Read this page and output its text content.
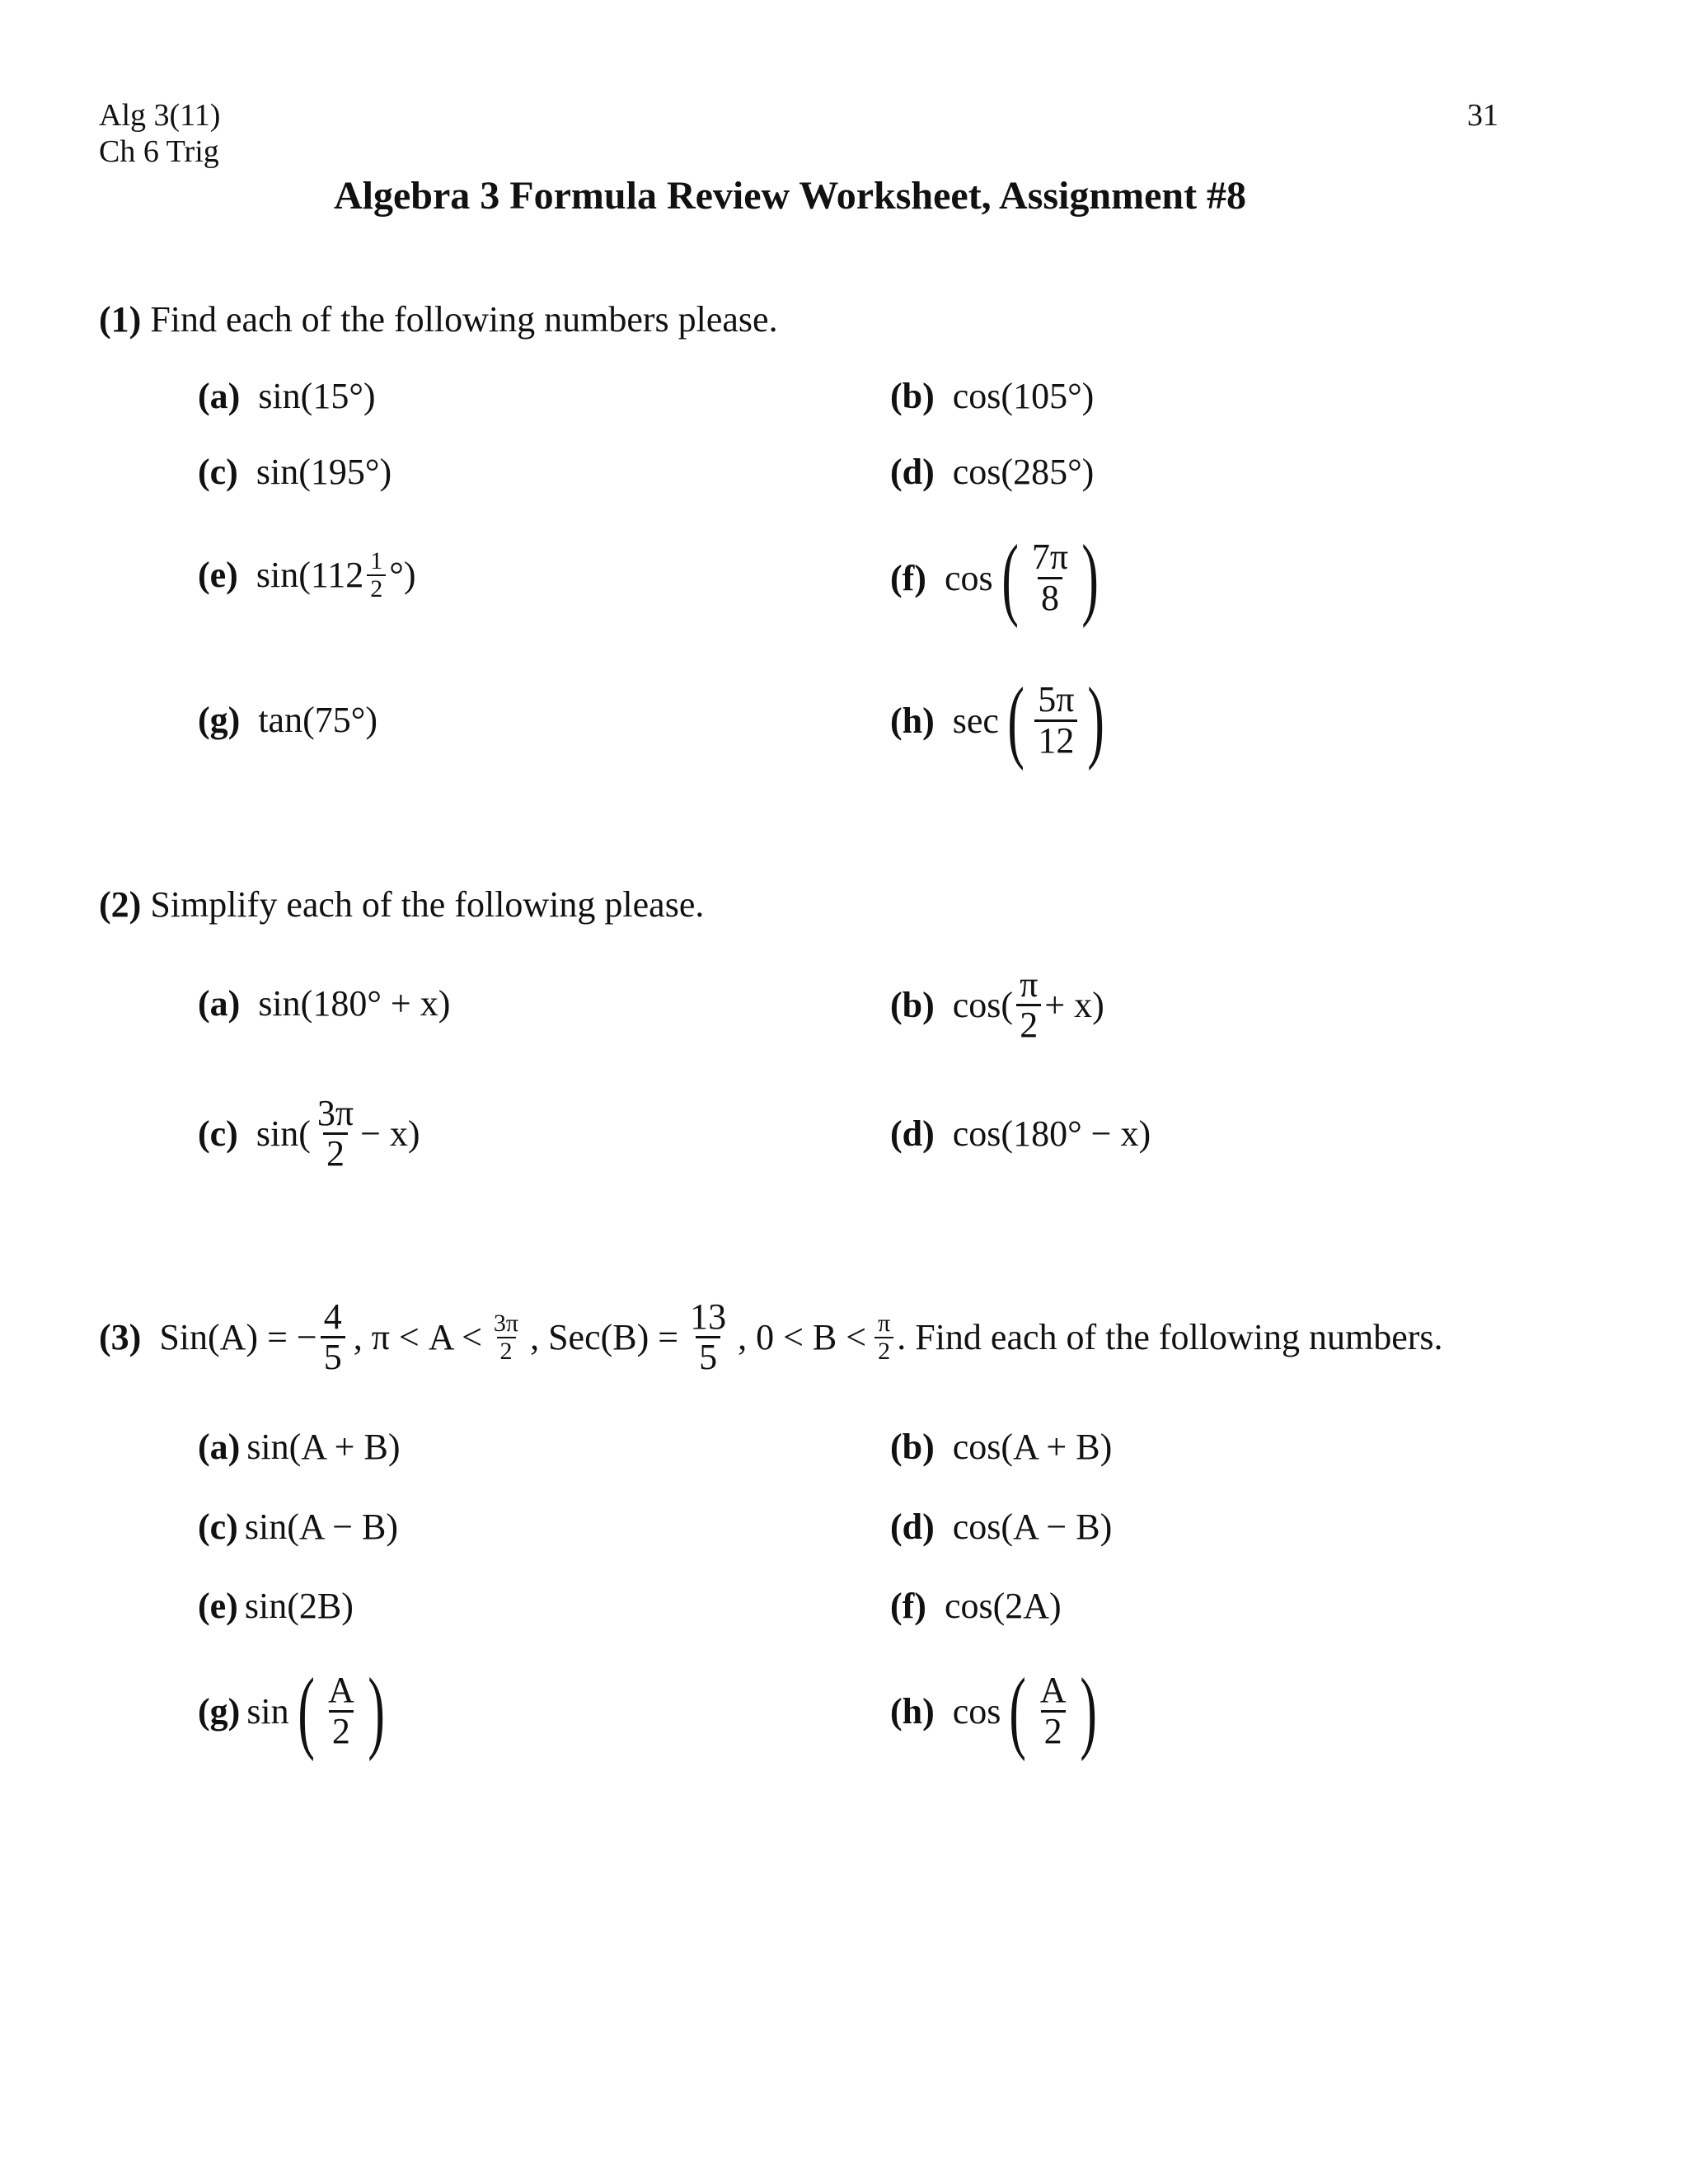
Alg 3(11)
Ch 6 Trig
31
Algebra 3 Formula Review Worksheet, Assignment #8
(1) Find each of the following numbers please.
(a) sin(15°)	(b) cos(105°)
(c) sin(195°)	(d) cos(285°)
(e) $\sin(112 \frac{1}{2}$ °)	(f) cos ( $\frac{7\pi}{8}$ )
(g) tan(75°)	(h) sec ( $\frac{5\pi}{12}$ )
(2) Simplify each of the following please.
(a) sin(180° + x)	(b) $\cos( \frac{\pi}{2} + x)$
(c) $\sin( \frac{3\pi}{2} - x)$	(d) cos(180° − x)
(3) Sin(A) = − $\frac{4}{5}$ , $\pi < A < \frac{3\pi}{2}$ , $Sec(B) = \frac{13}{5}$ , $0 < B < \frac{\pi}{2}$ . Find each of the following numbers.
(a) sin(A + B)	(b) cos(A + B)
(c) sin(A − B)	(d) cos(A − B)
(e) sin(2B)	(f) cos(2A)
(g) sin ( $\frac{A}{2}$ )	(h) cos ( $\frac{A}{2}$ )
